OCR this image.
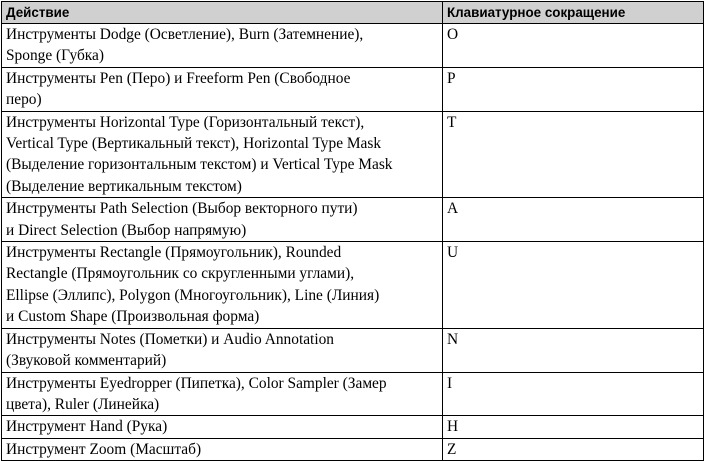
Действие	Клавиатурное сокращение

Инструменты Dodge (Осветление), Burn (Затемнение),
Sponge (Губка)	O

Инструменты Pen (Перо) и Freeform Pen (Свободное
перо)	P

Инструменты Horizontal Type (Горизонтальный текст),
Vertical Type (Вертикальный текст), Horizontal Type Mask
(Выделение горизонтальным текстом) и Vertical Type Mask
(Выделение вертикальным текстом)	T

Инструменты Path Selection (Выбор векторного пути)
и Direct Selection (Выбор напрямую)	A

Инструменты Rectangle (Прямоугольник), Rounded
Rectangle (Прямоугольник со скругленными углами),
Ellipse (Эллипс), Polygon (Многоугольник), Line (Линия)
и Custom Shape (Произвольная форма)	U

Инструменты Notes (Пометки) и Audio Annotation
(Звуковой комментарий)	N

Инструменты Eyedropper (Пипетка), Color Sampler (Замер
цвета), Ruler (Линейка)	I

Инструмент Hand (Рука)	H

Инструмент Zoom (Масштаб)	Z
